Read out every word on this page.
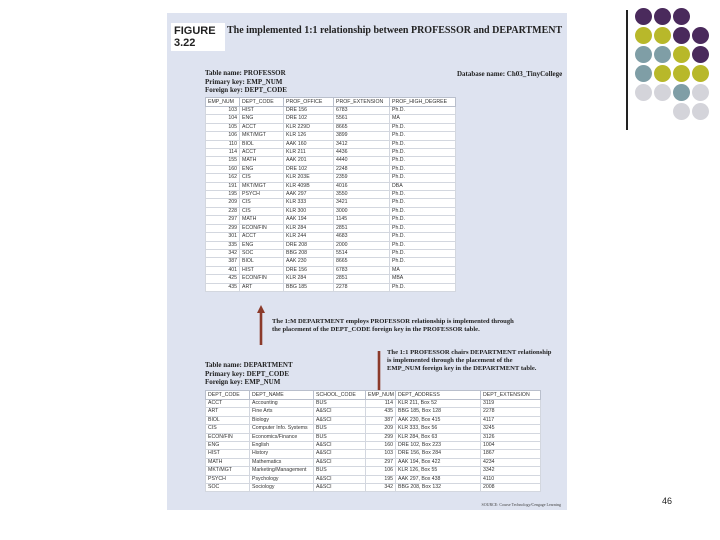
FIGURE 3.22
The implemented 1:1 relationship between PROFESSOR and DEPARTMENT
Table name: PROFESSOR
Primary key: EMP_NUM
Foreign key: DEPT_CODE
Database name: Ch03_TinyCollege
EMP_NUM	DEPT_CODE	PROF_OFFICE	PROF_EXTENSION	PROF_HIGH_DEGREE
103	HIST	DRE 156	6783	Ph.D.
104	ENG	DRE 102	5561	MA
105	ACCT	KLR 229D	8665	Ph.D.
106	MKT/MGT	KLR 126	3899	Ph.D.
110	BIOL	AAK 160	3412	Ph.D.
114	ACCT	KLR 211	4436	Ph.D.
155	MATH	AAK 201	4440	Ph.D.
160	ENG	DRE 102	2248	Ph.D.
162	CIS	KLR 203E	2359	Ph.D.
191	MKT/MGT	KLR 409B	4016	DBA
195	PSYCH	AAK 297	3550	Ph.D.
209	CIS	KLR 333	3421	Ph.D.
228	CIS	KLR 300	3000	Ph.D.
297	MATH	AAK 194	1145	Ph.D.
299	ECON/FIN	KLR 284	2851	Ph.D.
301	ACCT	KLR 244	4683	Ph.D.
335	ENG	DRE 208	2000	Ph.D.
342	SOC	BBG 208	5514	Ph.D.
387	BIOL	AAK 230	8665	Ph.D.
401	HIST	DRE 156	6783	MA
425	ECON/FIN	KLR 284	2851	MBA
435	ART	BBG 185	2278	Ph.D.
The 1:M DEPARTMENT employs PROFESSOR relationship is implemented through
the placement of the DEPT_CODE foreign key in the PROFESSOR table.
Table name: DEPARTMENT
Primary key: DEPT_CODE
Foreign key: EMP_NUM
The 1:1 PROFESSOR chairs DEPARTMENT relationship
is implemented through the placement of the
EMP_NUM foreign key in the DEPARTMENT table.
DEPT_CODE	DEPT_NAME	SCHOOL_CODE	EMP_NUM	DEPT_ADDRESS	DEPT_EXTENSION
ACCT	Accounting	BUS	114	KLR 211, Box 52	3119
ART	Fine Arts	A&SCI	435	BBG 185, Box 128	2278
BIOL	Biology	A&SCI	387	AAK 230, Box 415	4117
CIS	Computer Info. Systems	BUS	209	KLR 333, Box 56	3245
ECON/FIN	Economics/Finance	BUS	299	KLR 284, Box 63	3126
ENG	English	A&SCI	160	DRE 102, Box 223	1004
HIST	History	A&SCI	103	DRE 156, Box 284	1867
MATH	Mathematics	A&SCI	297	AAK 194, Box 422	4234
MKT/MGT	Marketing/Management	BUS	106	KLR 126, Box 55	3342
PSYCH	Psychology	A&SCI	195	AAK 297, Box 438	4110
SOC	Sociology	A&SCI	342	BBG 208, Box 132	2008
SOURCE: Course Technology/Cengage Learning	46
